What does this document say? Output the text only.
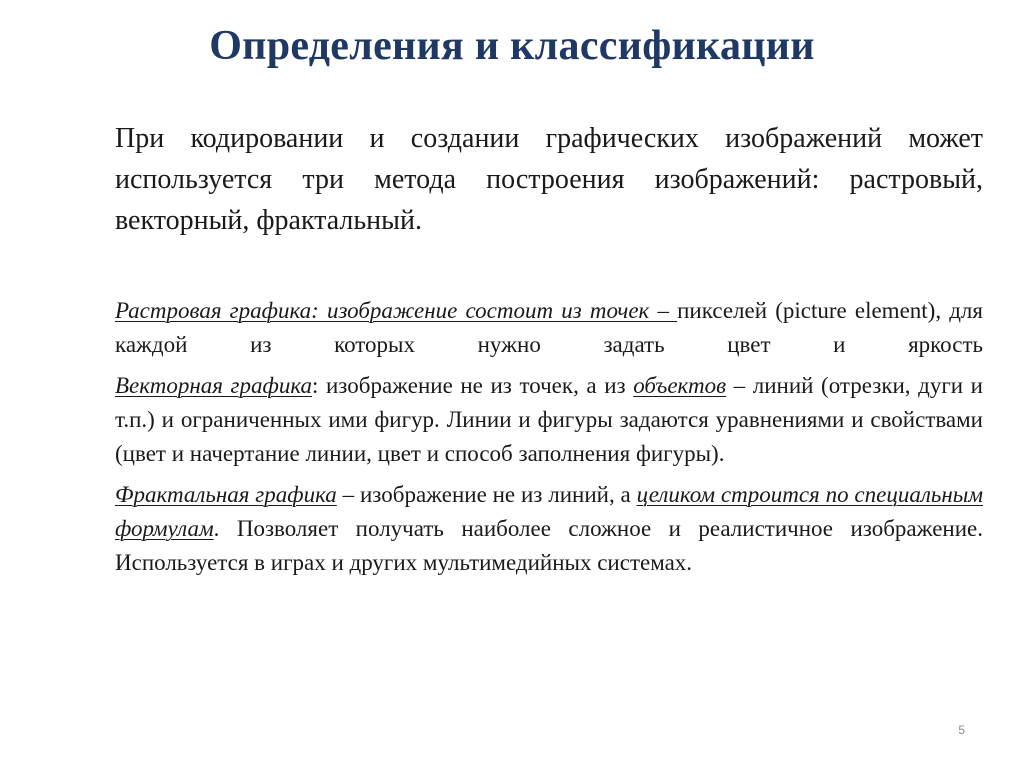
Определения и классификации

При кодировании и создании графических изображений может используется три метода построения изображений: растровый, векторный, фрактальный.

Растровая графика: изображение состоит из точек – пикселей (picture element), для каждой из которых нужно задать цвет и яркость

Векторная графика: изображение не из точек, а из объектов – линий (отрезки, дуги и т.п.) и ограниченных ими фигур. Линии и фигуры задаются уравнениями и свойствами (цвет и начертание линии, цвет и способ заполнения фигуры).

Фрактальная графика – изображение не из линий, а целиком строится по специальным формулам. Позволяет получать наиболее сложное и реалистичное изображение. Используется в играх и других мультимедийных системах.

5
